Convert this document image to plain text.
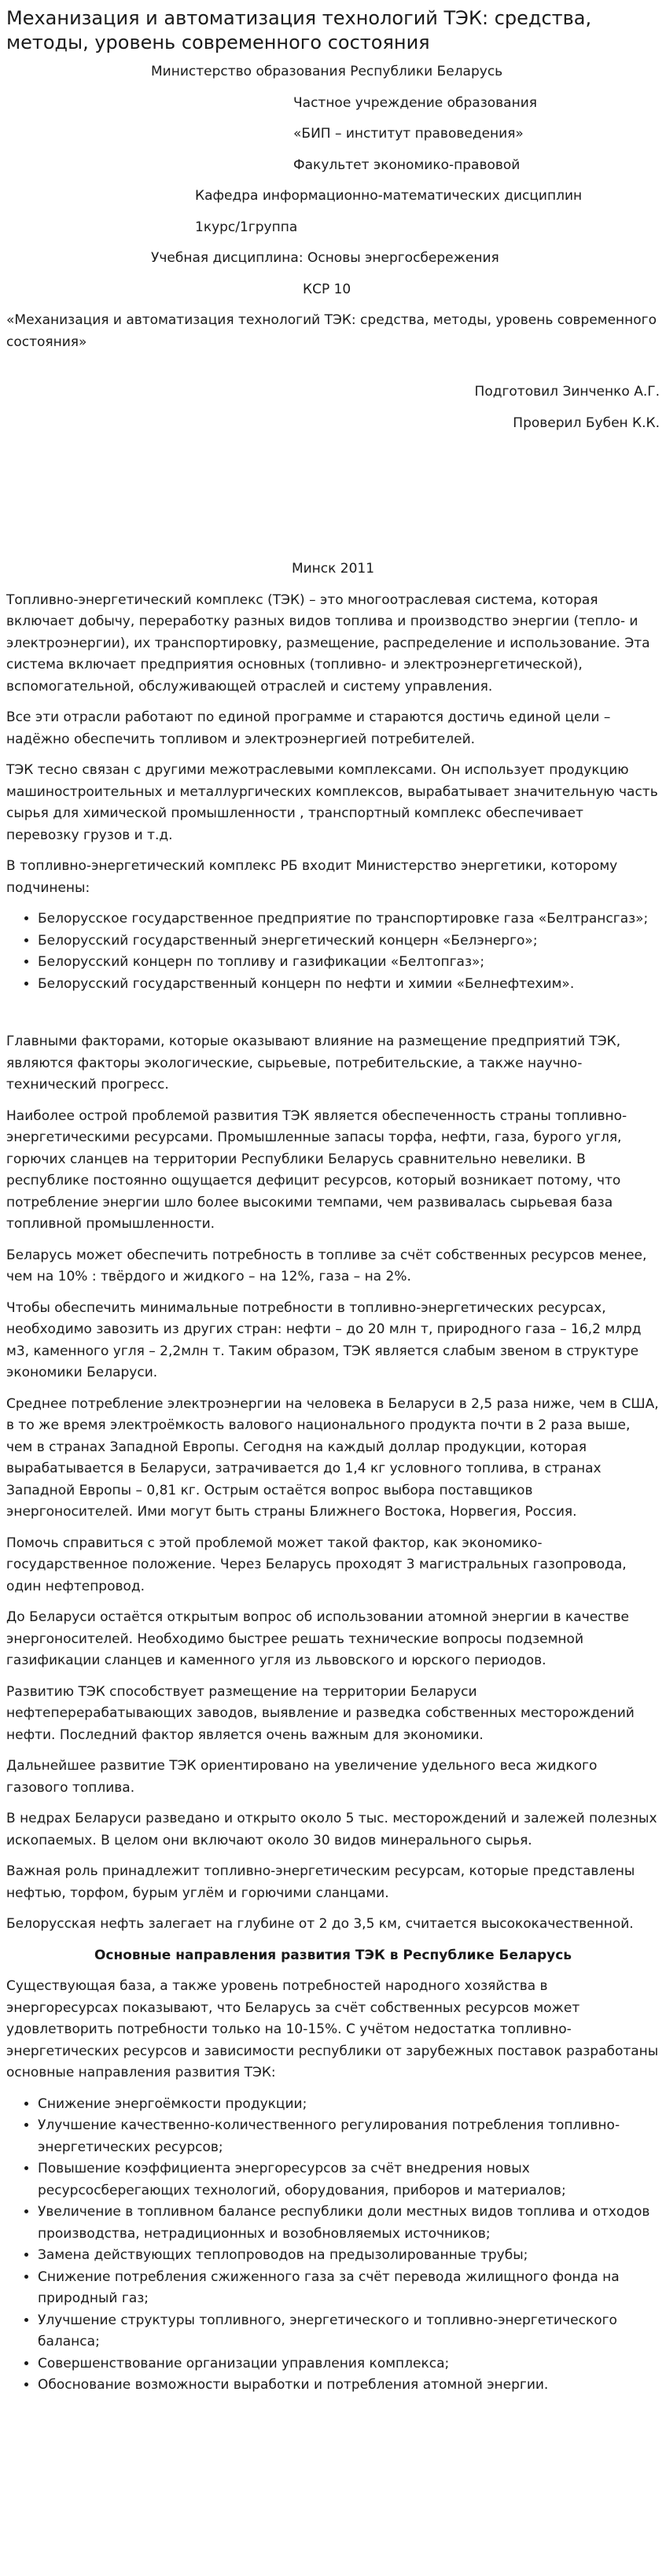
Механизация и автоматизация технологий ТЭК: средства, методы, уровень современного состояния
Министерство образования Республики Беларусь
Частное учреждение образования
«БИП – институт правоведения»
Факультет экономико-правовой
Кафедра информационно-математических дисциплин
1курс/1группа
Учебная дисциплина: Основы энергосбережения
КСР 10

«Механизация и автоматизация технологий ТЭК: средства, методы, уровень современного состояния»

Подготовил Зинченко А.Г.
Проверил Бубен К.К.
Минск 2011

Топливно-энергетический комплекс (ТЭК) – это многоотраслевая система, которая включает добычу, переработку разных видов топлива и производство энергии (тепло- и электроэнергии), их транспортировку, размещение, распределение и использование. Эта система включает предприятия основных (топливно- и электроэнергетической), вспомогательной, обслуживающей отраслей и систему управления.

Все эти отрасли работают по единой программе и стараются достичь единой цели – надёжно обеспечить топливом и электроэнергией потребителей.

ТЭК тесно связан с другими межотраслевыми комплексами. Он использует продукцию машиностроительных и металлургических комплексов, вырабатывает значительную часть сырья для химической промышленности , транспортный комплекс обеспечивает перевозку грузов и т.д.

В топливно-энергетический комплекс РБ входит Министерство энергетики, которому подчинены:

• Белорусское государственное предприятие по транспортировке газа «Белтрансгаз»;
• Белорусский государственный энергетический концерн «Белэнерго»;
• Белорусский концерн по топливу и газификации «Белтопгаз»;
• Белорусский государственный концерн по нефти и химии «Белнефтехим».

Главными факторами, которые оказывают влияние на размещение предприятий ТЭК, являются факторы экологические, сырьевые, потребительские, а также научно-технический прогресс.

Наиболее острой проблемой развития ТЭК является обеспеченность страны топливно-энергетическими ресурсами. Промышленные запасы торфа, нефти, газа, бурого угля, горючих сланцев на территории Республики Беларусь сравнительно невелики. В республике постоянно ощущается дефицит ресурсов, который возникает потому, что потребление энергии шло более высокими темпами, чем развивалась сырьевая база топливной промышленности.

Беларусь может обеспечить потребность в топливе за счёт собственных ресурсов менее, чем на 10% : твёрдого и жидкого – на 12%, газа – на 2%.

Чтобы обеспечить минимальные потребности в топливно-энергетических ресурсах, необходимо завозить из других стран: нефти – до 20 млн т, природного газа – 16,2 млрд м3, каменного угля – 2,2млн т. Таким образом, ТЭК является слабым звеном в структуре экономики Беларуси.

Среднее потребление электроэнергии на человека в Беларуси в 2,5 раза ниже, чем в США, в то же время электроёмкость валового национального продукта почти в 2 раза выше, чем в странах Западной Европы. Сегодня на каждый доллар продукции, которая вырабатывается в Беларуси, затрачивается до 1,4 кг условного топлива, в странах Западной Европы – 0,81 кг. Острым остаётся вопрос выбора поставщиков энергоносителей. Ими могут быть страны Ближнего Востока, Норвегия, Россия.

Помочь справиться с этой проблемой может такой фактор, как экономико-государственное положение. Через Беларусь проходят 3 магистральных газопровода, один нефтепровод.

До Беларуси остаётся открытым вопрос об использовании атомной энергии в качестве энергоносителей. Необходимо быстрее решать технические вопросы подземной газификации сланцев и каменного угля из львовского и юрского периодов.

Развитию ТЭК способствует размещение на территории Беларуси нефтеперерабатывающих заводов, выявление и разведка собственных месторождений нефти. Последний фактор является очень важным для экономики.

Дальнейшее развитие ТЭК ориентировано на увеличение удельного веса жидкого газового топлива.

В недрах Беларуси разведано и открыто около 5 тыс. месторождений и залежей полезных ископаемых. В целом они включают около 30 видов минерального сырья.

Важная роль принадлежит топливно-энергетическим ресурсам, которые представлены нефтью, торфом, бурым углём и горючими сланцами.

Белорусская нефть залегает на глубине от 2 до 3,5 км, считается высококачественной.

Основные направления развития ТЭК в Республике Беларусь

Существующая база, а также уровень потребностей народного хозяйства в энергоресурсах показывают, что Беларусь за счёт собственных ресурсов может удовлетворить потребности только на 10-15%. С учётом недостатка топливно-энергетических ресурсов и зависимости республики от зарубежных поставок разработаны основные направления развития ТЭК:

• Снижение энергоёмкости продукции;
• Улучшение качественно-количественного регулирования потребления топливно-энергетических ресурсов;
• Повышение коэффициента энергоресурсов за счёт внедрения новых ресурсосберегающих технологий, оборудования, приборов и материалов;
• Увеличение в топливном балансе республики доли местных видов топлива и отходов производства, нетрадиционных и возобновляемых источников;
• Замена действующих теплопроводов на предызолированные трубы;
• Снижение потребления сжиженного газа за счёт перевода жилищного фонда на природный газ;
• Улучшение структуры топливного, энергетического и топливно-энергетического баланса;
• Совершенствование организации управления комплекса;
• Обоснование возможности выработки и потребления атомной энергии.
